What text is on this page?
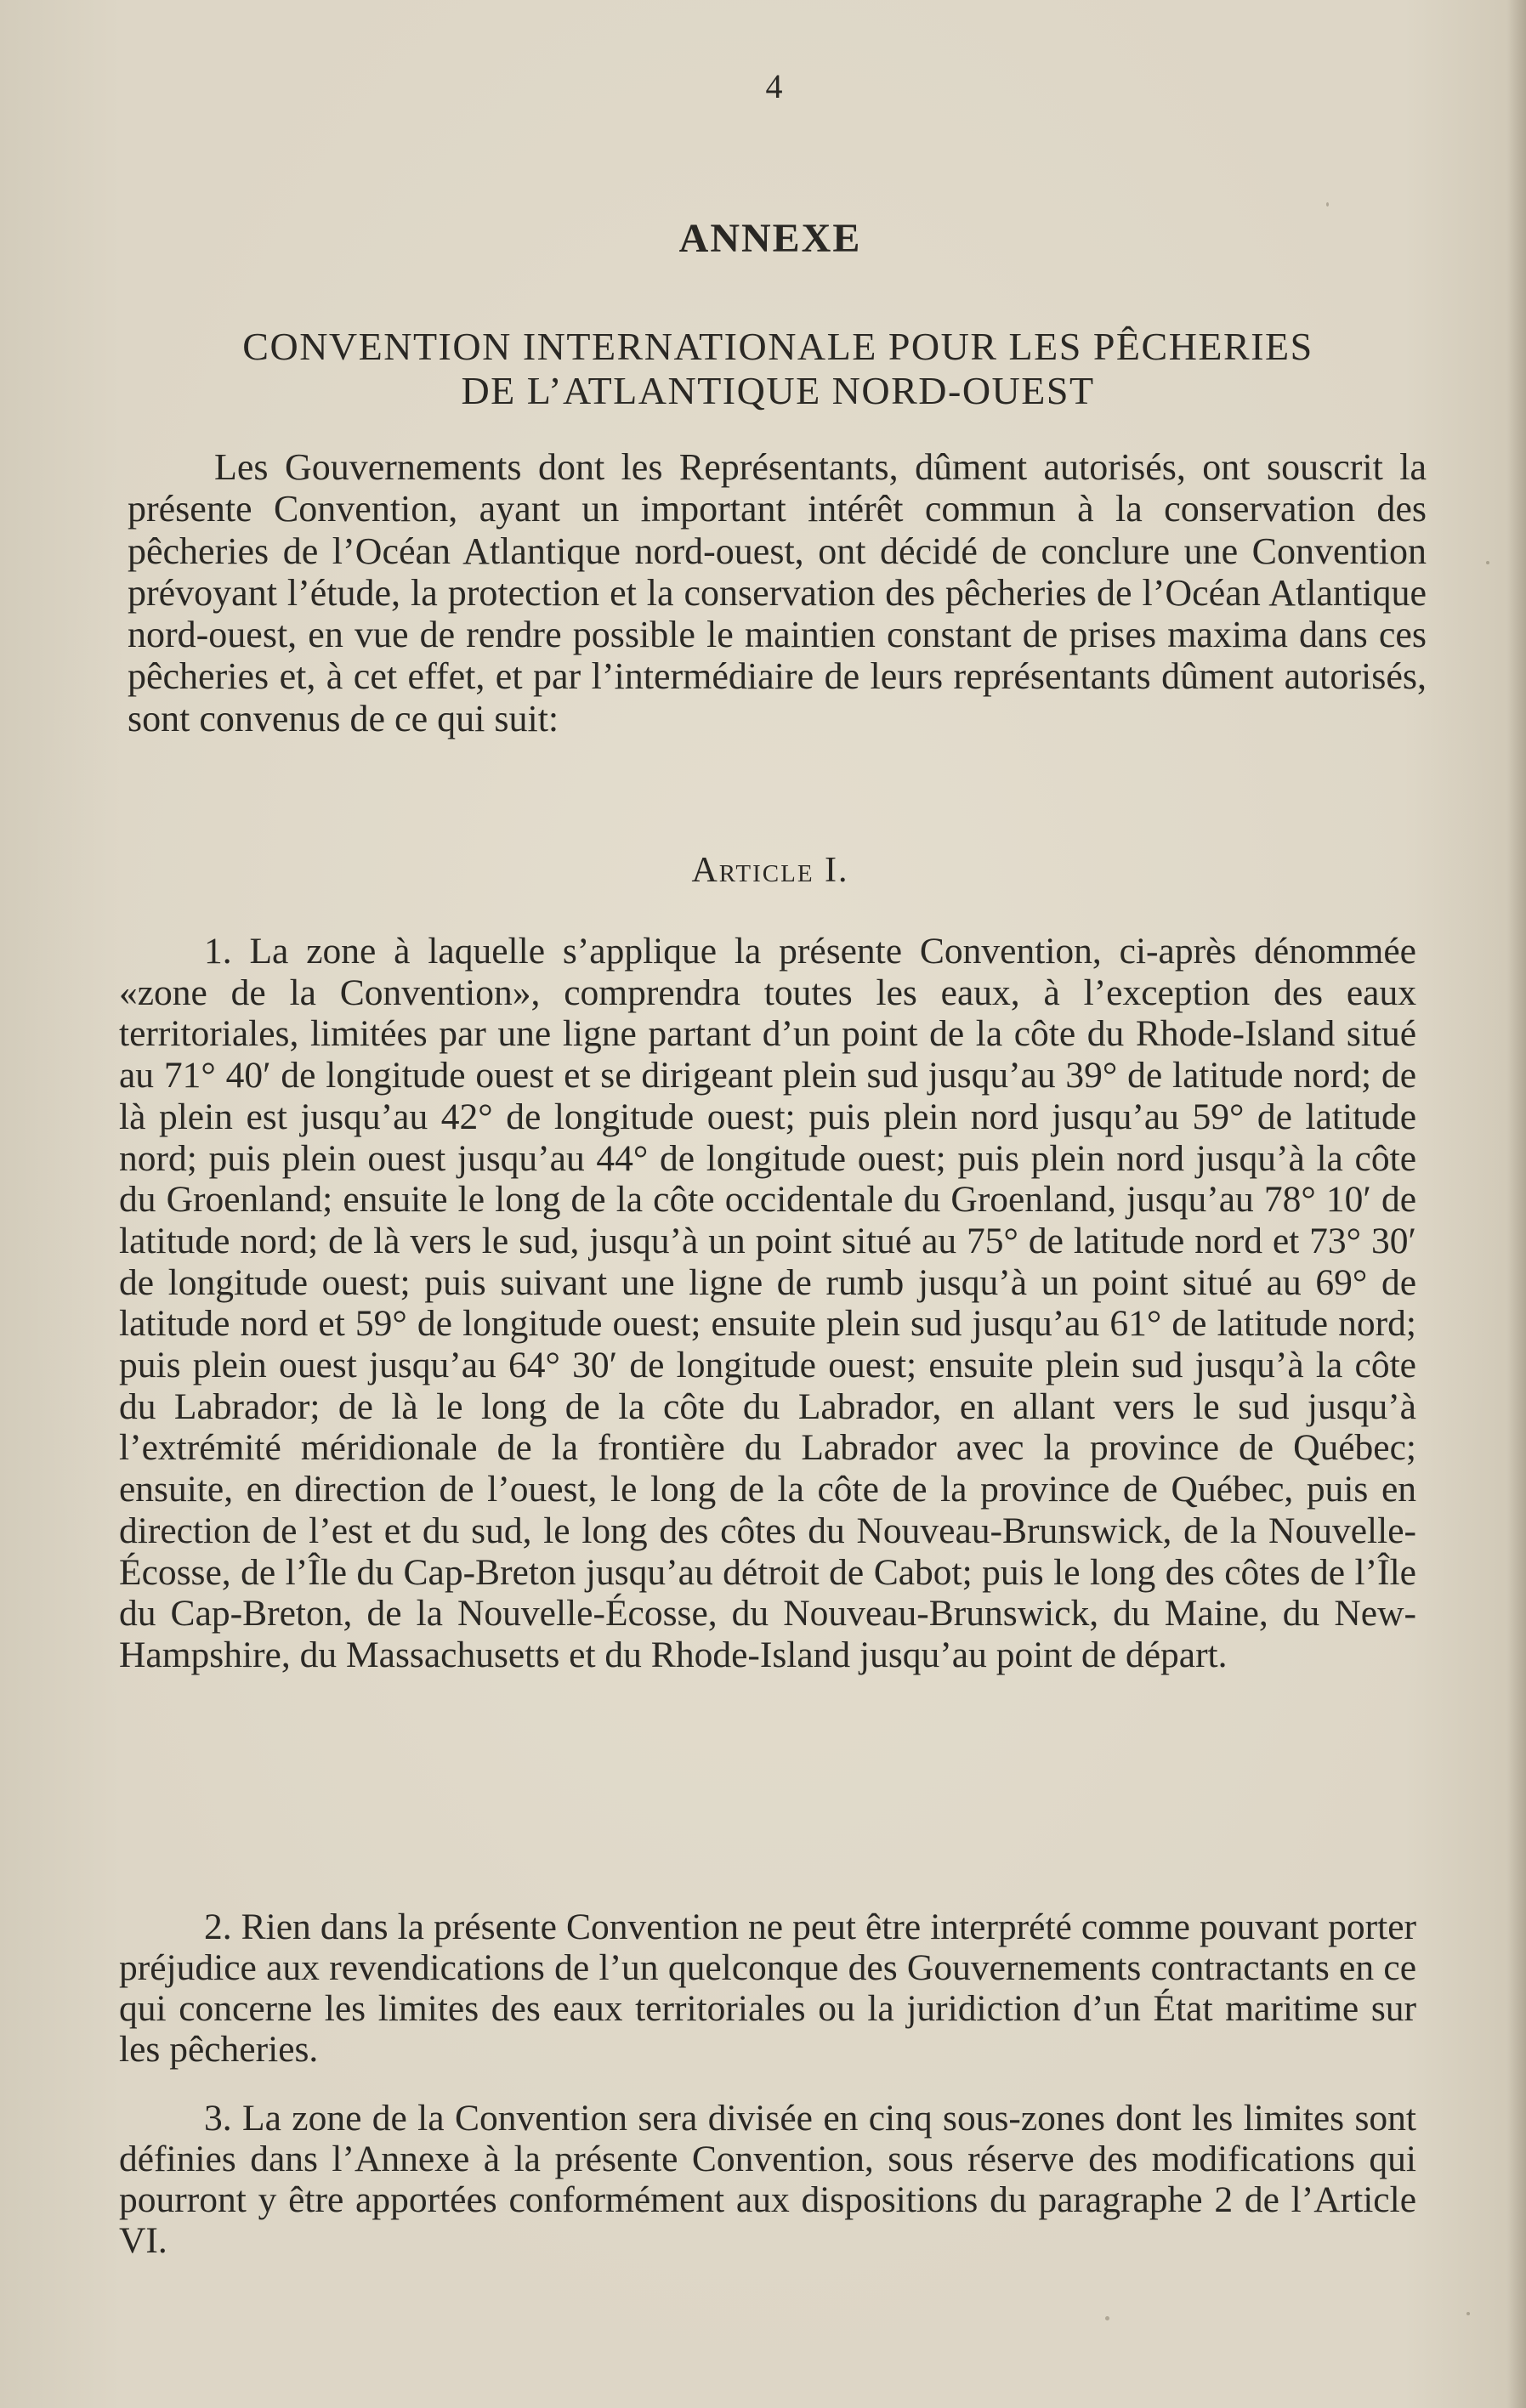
4
ANNEXE
CONVENTION INTERNATIONALE POUR LES PÊCHERIES
DE L’ATLANTIQUE NORD-OUEST

Les Gouvernements dont les Représentants, dûment autorisés, ont souscrit la présente Convention, ayant un important intérêt commun à la conservation des pêcheries de l’Océan Atlantique nord-ouest, ont décidé de conclure une Convention prévoyant l’étude, la protection et la conservation des pêcheries de l’Océan Atlantique nord-ouest, en vue de rendre possible le maintien constant de prises maxima dans ces pêcheries et, à cet effet, et par l’intermédiaire de leurs représentants dûment autorisés, sont convenus de ce qui suit:

Article I.

1. La zone à laquelle s’applique la présente Convention, ci-après dénommée «zone de la Convention», comprendra toutes les eaux, à l’exception des eaux territoriales, limitées par une ligne partant d’un point de la côte du Rhode-Island situé au 71° 40′ de longitude ouest et se dirigeant plein sud jusqu’au 39° de latitude nord; de là plein est jusqu’au 42° de longitude ouest; puis plein nord jusqu’au 59° de latitude nord; puis plein ouest jusqu’au 44° de longitude ouest; puis plein nord jusqu’à la côte du Groenland; ensuite le long de la côte occidentale du Groenland, jusqu’au 78° 10′ de latitude nord; de là vers le sud, jusqu’à un point situé au 75° de latitude nord et 73° 30′ de longitude ouest; puis suivant une ligne de rumb jusqu’à un point situé au 69° de latitude nord et 59° de longitude ouest; ensuite plein sud jusqu’au 61° de latitude nord; puis plein ouest jusqu’au 64° 30′ de longitude ouest; ensuite plein sud jusqu’à la côte du Labrador; de là le long de la côte du Labrador, en allant vers le sud jusqu’à l’extrémité méridionale de la frontière du Labrador avec la province de Québec; ensuite, en direction de l’ouest, le long de la côte de la province de Québec, puis en direction de l’est et du sud, le long des côtes du Nouveau-Brunswick, de la Nouvelle-Écosse, de l’Île du Cap-Breton jusqu’au détroit de Cabot; puis le long des côtes de l’Île du Cap-Breton, de la Nouvelle-Écosse, du Nouveau-Brunswick, du Maine, du New-Hampshire, du Massachusetts et du Rhode-Island jusqu’au point de départ.

2. Rien dans la présente Convention ne peut être interprété comme pouvant porter préjudice aux revendications de l’un quelconque des Gouvernements contractants en ce qui concerne les limites des eaux territoriales ou la juridiction d’un État maritime sur les pêcheries.

3. La zone de la Convention sera divisée en cinq sous-zones dont les limites sont définies dans l’Annexe à la présente Convention, sous réserve des modifications qui pourront y être apportées conformément aux dispositions du paragraphe 2 de l’Article VI.
